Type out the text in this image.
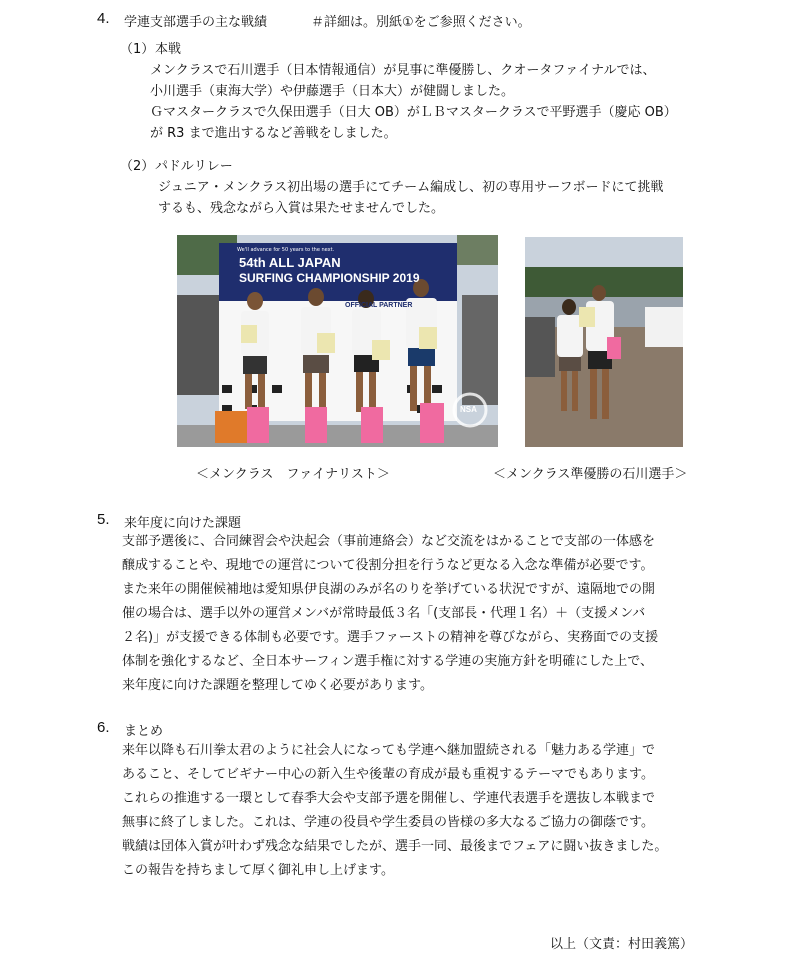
4. 学連支部選手の主な戦績	＃詳細は。別紙①をご参照ください。
（1） 本戦
メンクラスで石川選手（日本情報通信）が見事に準優勝し、クオータファイナルでは、
小川選手（東海大学）や伊藤選手（日本大）が健闘しました。
Ｇマスタークラスで久保田選手（日大 OB）がＬＢマスタークラスで平野選手（慶応 OB）
が R3 まで進出するなど善戦をしました。
（2） パドルリレー
ジュニア・メンクラス初出場の選手にてチーム編成し、初の専用サーフボードにて挑戦
するも、残念ながら入賞は果たせませんでした。
We'll advance for 50 years to the next.
54th ALL JAPAN
SURFING CHAMPIONSHIP 2019
OFFICIAL PARTNER
NSA
＜メンクラス　ファイナリスト＞	＜メンクラス準優勝の石川選手＞
5. 来年度に向けた課題
支部予選後に、合同練習会や決起会（事前連絡会）など交流をはかることで支部の一体感を
醸成することや、現地での運営について役割分担を行うなど更なる入念な準備が必要です。
また来年の開催候補地は愛知県伊良湖のみが名のりを挙げている状況ですが、遠隔地での開
催の場合は、選手以外の運営メンバが常時最低３名「(支部長・代理１名）＋（支援メンバ
２名)」が支援できる体制も必要です。選手ファーストの精神を尊びながら、実務面での支援
体制を強化するなど、全日本サーフィン選手権に対する学連の実施方針を明確にした上で、
来年度に向けた課題を整理してゆく必要があります。
6. まとめ
来年以降も石川拳太君のように社会人になっても学連へ継加盟続される「魅力ある学連」で
あること、そしてビギナー中心の新入生や後輩の育成が最も重視するテーマでもあります。
これらの推進する一環として春季大会や支部予選を開催し、学連代表選手を選抜し本戦まで
無事に終了しました。これは、学連の役員や学生委員の皆様の多大なるご協力の御蔭です。
戦績は団体入賞が叶わず残念な結果でしたが、選手一同、最後までフェアに闘い抜きました。
この報告を持ちまして厚く御礼申し上げます。
以上（文責：村田義篤）
